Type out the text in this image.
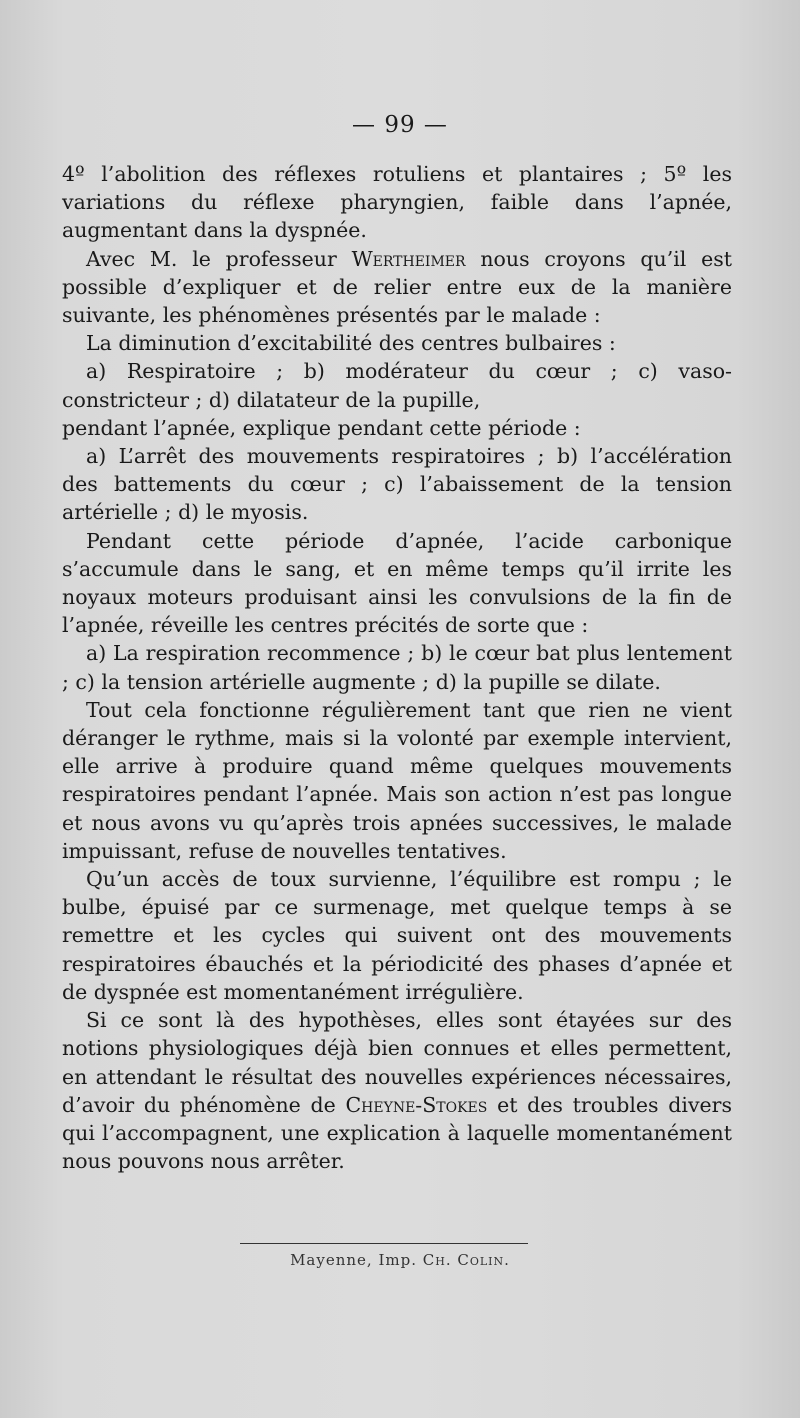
— 99 —

4º l’abolition des réflexes rotuliens et plantaires ; 5º les variations du réflexe pharyngien, faible dans l’apnée, augmentant dans la dyspnée.

Avec M. le professeur Wertheimer nous croyons qu’il est possible d’expliquer et de relier entre eux de la manière suivante, les phénomènes présentés par le malade :

La diminution d’excitabilité des centres bulbaires :

a) Respiratoire ; b) modérateur du cœur ; c) vaso-constricteur ; d) dilatateur de la pupille,

pendant l’apnée, explique pendant cette période :

a) L’arrêt des mouvements respiratoires ; b) l’accélération des battements du cœur ; c) l’abaissement de la tension artérielle ; d) le myosis.

Pendant cette période d’apnée, l’acide carbonique s’accumule dans le sang, et en même temps qu’il irrite les noyaux moteurs produisant ainsi les convulsions de la fin de l’apnée, réveille les centres précités de sorte que :

a) La respiration recommence ; b) le cœur bat plus lentement ; c) la tension artérielle augmente ; d) la pupille se dilate.

Tout cela fonctionne régulièrement tant que rien ne vient déranger le rythme, mais si la volonté par exemple intervient, elle arrive à produire quand même quelques mouvements respiratoires pendant l’apnée. Mais son action n’est pas longue et nous avons vu qu’après trois apnées successives, le malade impuissant, refuse de nouvelles tentatives.

Qu’un accès de toux survienne, l’équilibre est rompu ; le bulbe, épuisé par ce surmenage, met quelque temps à se remettre et les cycles qui suivent ont des mouvements respiratoires ébauchés et la périodicité des phases d’apnée et de dyspnée est momentanément irrégulière.

Si ce sont là des hypothèses, elles sont étayées sur des notions physiologiques déjà bien connues et elles permettent, en attendant le résultat des nouvelles expériences nécessaires, d’avoir du phénomène de Cheyne-Stokes et des troubles divers qui l’accompagnent, une explication à laquelle momentanément nous pouvons nous arrêter.

Mayenne, Imp. Ch. Colin.
